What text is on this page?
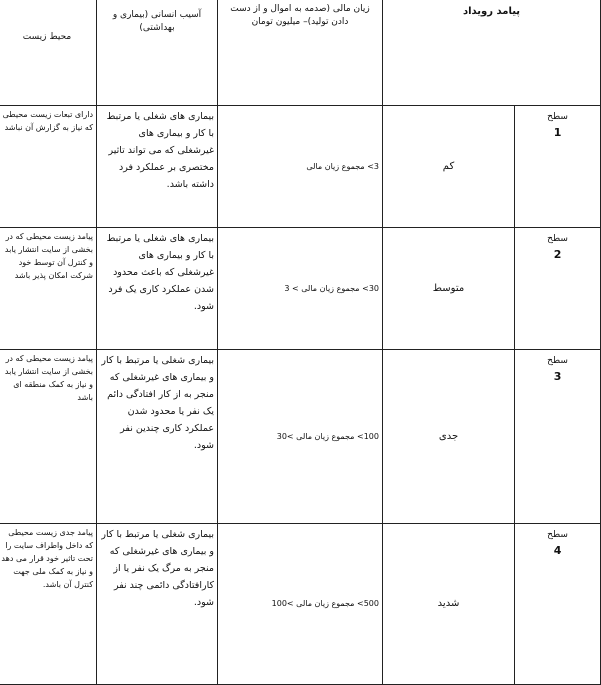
پیامد رویداد		زیان مالی (صدمه به اموال و از دست دادن تولید)– میلیون تومان	آسیب انسانی (بیماری و بهداشتی)	محیط زیست	

سطح
1	کم	3> مجموع زیان مالی	بیماری های شغلی یا مرتبط با کار و بیماری های غیرشغلی که می تواند تاثیر مختصری بر عملکرد فرد داشته باشد.	دارای تبعات زیست محیطی که نیاز به گزارش آن نباشد	

سطح
2	متوسط	30> مجموع زیان مالی > 3	بیماری های شغلی یا مرتبط با کار و بیماری های غیرشغلی که باعث محدود شدن عملکرد کاری یک فرد شود.	پیامد زیست محیطی که در بخشی از سایت انتشار یابد و کنترل آن توسط خود شرکت امکان پذیر باشد	

سطح
3	جدی	100> مجموع زیان مالی >30	بیماری شغلی یا مرتبط با کار و بیماری های غیرشغلی که منجر به از کار افتادگی دائم یک نفر یا محدود شدن عملکرد کاری چندین نفر شود.	پیامد زیست محیطی که در بخشی از سایت انتشار یابد و نیاز به کمک منطقه ای باشد	

سطح
4	شدید	500> مجموع زیان مالی >100	بیماری شغلی یا مرتبط با کار و بیماری های غیرشغلی که منجر به مرگ یک نفر یا از کارافتادگی دائمی چند نفر شود.	پیامد جدی زیست محیطی که داخل واطراف سایت را تحت تاثیر خود قرار می دهد و نیاز به کمک ملی جهت کنترل آن باشد.	
